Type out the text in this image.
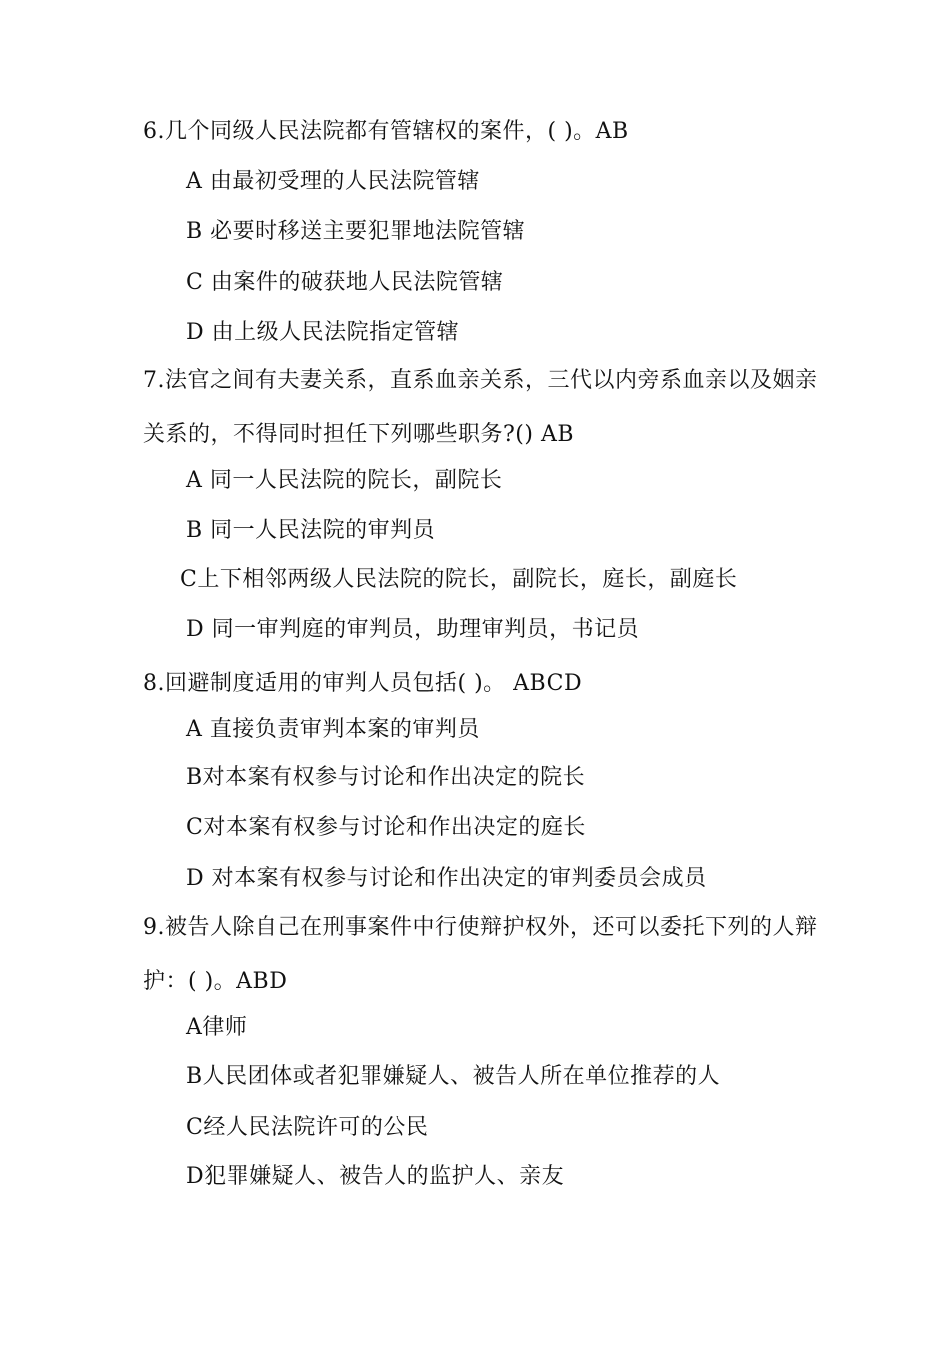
6.几个同级人民法院都有管辖权的案件，( )。AB
A 由最初受理的人民法院管辖
B 必要时移送主要犯罪地法院管辖
C 由案件的破获地人民法院管辖
D 由上级人民法院指定管辖
7.法官之间有夫妻关系，直系血亲关系，三代以内旁系血亲以及姻亲
关系的，不得同时担任下列哪些职务?() AB
A 同一人民法院的院长，副院长
B 同一人民法院的审判员
C上下相邻两级人民法院的院长，副院长，庭长，副庭长
D 同一审判庭的审判员，助理审判员，书记员
8.回避制度适用的审判人员包括( )。 ABCD
A 直接负责审判本案的审判员
B对本案有权参与讨论和作出决定的院长
C对本案有权参与讨论和作出决定的庭长
D 对本案有权参与讨论和作出决定的审判委员会成员
9.被告人除自己在刑事案件中行使辩护权外，还可以委托下列的人辩
护：( )。ABD
A律师
B人民团体或者犯罪嫌疑人、被告人所在单位推荐的人
C经人民法院许可的公民
D犯罪嫌疑人、被告人的监护人、亲友
